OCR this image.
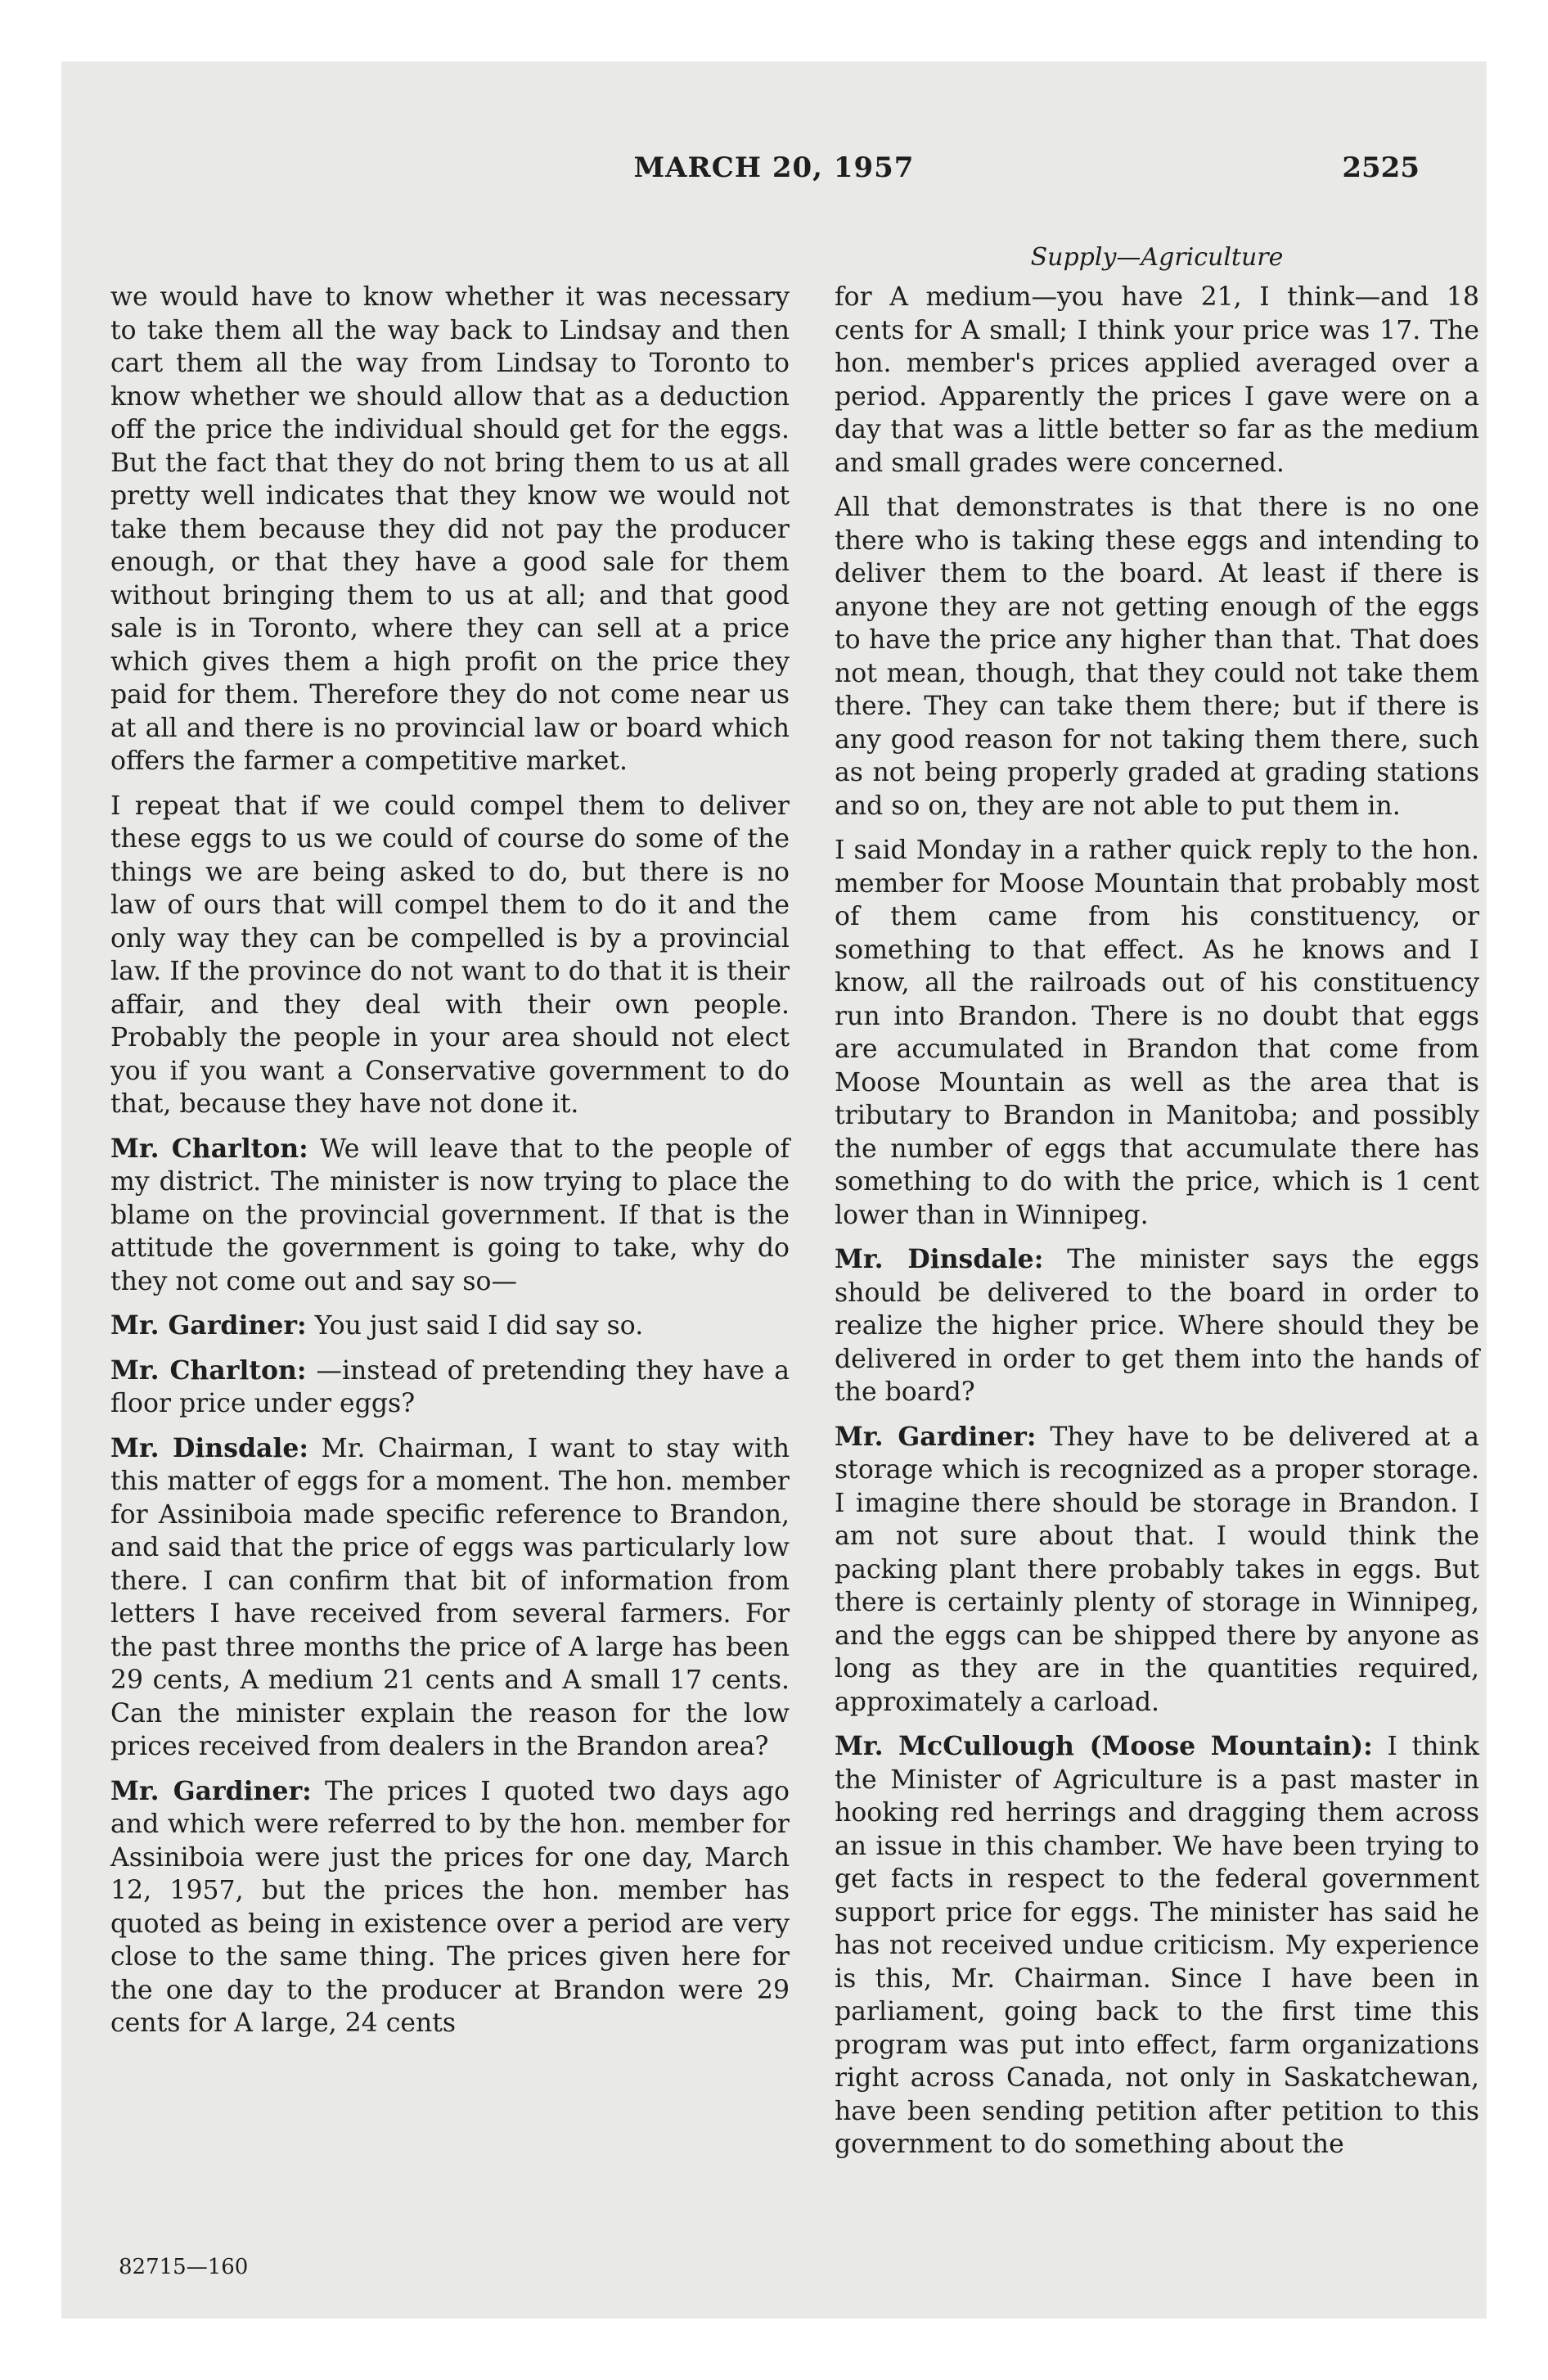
MARCH 20, 1957	2525
Supply—Agriculture

we would have to know whether it was necessary to take them all the way back to Lindsay and then cart them all the way from Lindsay to Toronto to know whether we should allow that as a deduction off the price the individual should get for the eggs. But the fact that they do not bring them to us at all pretty well indicates that they know we would not take them because they did not pay the producer enough, or that they have a good sale for them without bringing them to us at all; and that good sale is in Toronto, where they can sell at a price which gives them a high profit on the price they paid for them. Therefore they do not come near us at all and there is no provincial law or board which offers the farmer a competitive market.

I repeat that if we could compel them to deliver these eggs to us we could of course do some of the things we are being asked to do, but there is no law of ours that will compel them to do it and the only way they can be compelled is by a provincial law. If the province do not want to do that it is their affair, and they deal with their own people. Probably the people in your area should not elect you if you want a Conservative government to do that, because they have not done it.

Mr. Charlton: We will leave that to the people of my district. The minister is now trying to place the blame on the provincial government. If that is the attitude the government is going to take, why do they not come out and say so—

Mr. Gardiner: You just said I did say so.

Mr. Charlton: —instead of pretending they have a floor price under eggs?

Mr. Dinsdale: Mr. Chairman, I want to stay with this matter of eggs for a moment. The hon. member for Assiniboia made specific reference to Brandon, and said that the price of eggs was particularly low there. I can confirm that bit of information from letters I have received from several farmers. For the past three months the price of A large has been 29 cents, A medium 21 cents and A small 17 cents. Can the minister explain the reason for the low prices received from dealers in the Brandon area?

Mr. Gardiner: The prices I quoted two days ago and which were referred to by the hon. member for Assiniboia were just the prices for one day, March 12, 1957, but the prices the hon. member has quoted as being in existence over a period are very close to the same thing. The prices given here for the one day to the producer at Brandon were 29 cents for A large, 24 cents

for A medium—you have 21, I think—and 18 cents for A small; I think your price was 17. The hon. member's prices applied averaged over a period. Apparently the prices I gave were on a day that was a little better so far as the medium and small grades were concerned.

All that demonstrates is that there is no one there who is taking these eggs and intending to deliver them to the board. At least if there is anyone they are not getting enough of the eggs to have the price any higher than that. That does not mean, though, that they could not take them there. They can take them there; but if there is any good reason for not taking them there, such as not being properly graded at grading stations and so on, they are not able to put them in.

I said Monday in a rather quick reply to the hon. member for Moose Mountain that probably most of them came from his constituency, or something to that effect. As he knows and I know, all the railroads out of his constituency run into Brandon. There is no doubt that eggs are accumulated in Brandon that come from Moose Mountain as well as the area that is tributary to Brandon in Manitoba; and possibly the number of eggs that accumulate there has something to do with the price, which is 1 cent lower than in Winnipeg.

Mr. Dinsdale: The minister says the eggs should be delivered to the board in order to realize the higher price. Where should they be delivered in order to get them into the hands of the board?

Mr. Gardiner: They have to be delivered at a storage which is recognized as a proper storage. I imagine there should be storage in Brandon. I am not sure about that. I would think the packing plant there probably takes in eggs. But there is certainly plenty of storage in Winnipeg, and the eggs can be shipped there by anyone as long as they are in the quantities required, approximately a carload.

Mr. McCullough (Moose Mountain): I think the Minister of Agriculture is a past master in hooking red herrings and dragging them across an issue in this chamber. We have been trying to get facts in respect to the federal government support price for eggs. The minister has said he has not received undue criticism. My experience is this, Mr. Chairman. Since I have been in parliament, going back to the first time this program was put into effect, farm organizations right across Canada, not only in Saskatchewan, have been sending petition after petition to this government to do something about the

82715—160
